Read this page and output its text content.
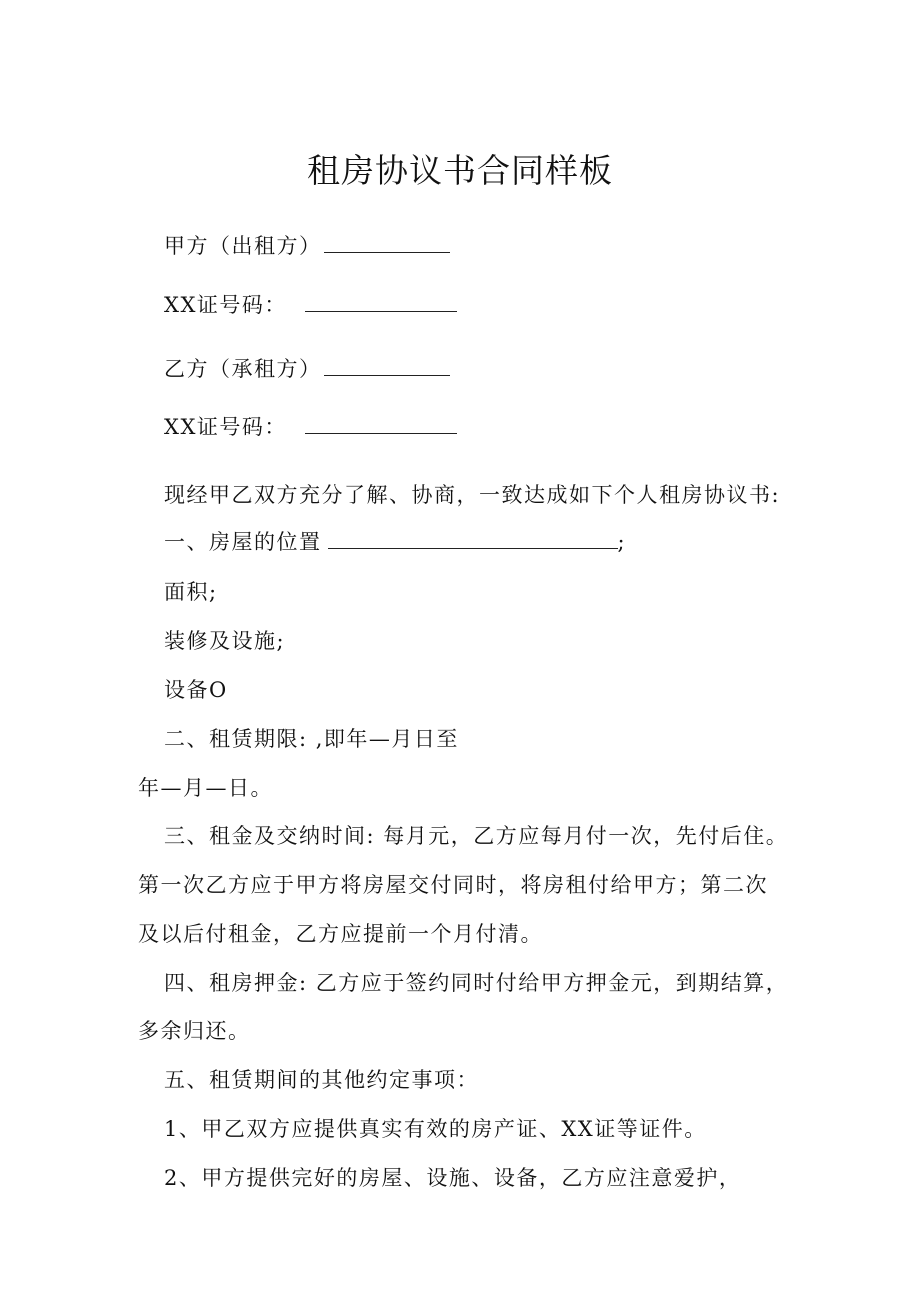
租房协议书合同样板
甲方（出租方）
XX证号码：
乙方（承租方）
XX证号码：
现经甲乙双方充分了解、协商，一致达成如下个人租房协议书:
一、房屋的位置	;
面积;
装修及设施;
设备O
二、租赁期限: ,即年—月日至
年—月—日。
三、租金及交纳时间: 每月元，乙方应每月付一次，先付后住。
第一次乙方应于甲方将房屋交付同时，将房租付给甲方；第二次
及以后付租金，乙方应提前一个月付清。
四、租房押金: 乙方应于签约同时付给甲方押金元，到期结算，
多余归还。
五、租赁期间的其他约定事项：
1、甲乙双方应提供真实有效的房产证、XX证等证件。
2、甲方提供完好的房屋、设施、设备，乙方应注意爱护，
